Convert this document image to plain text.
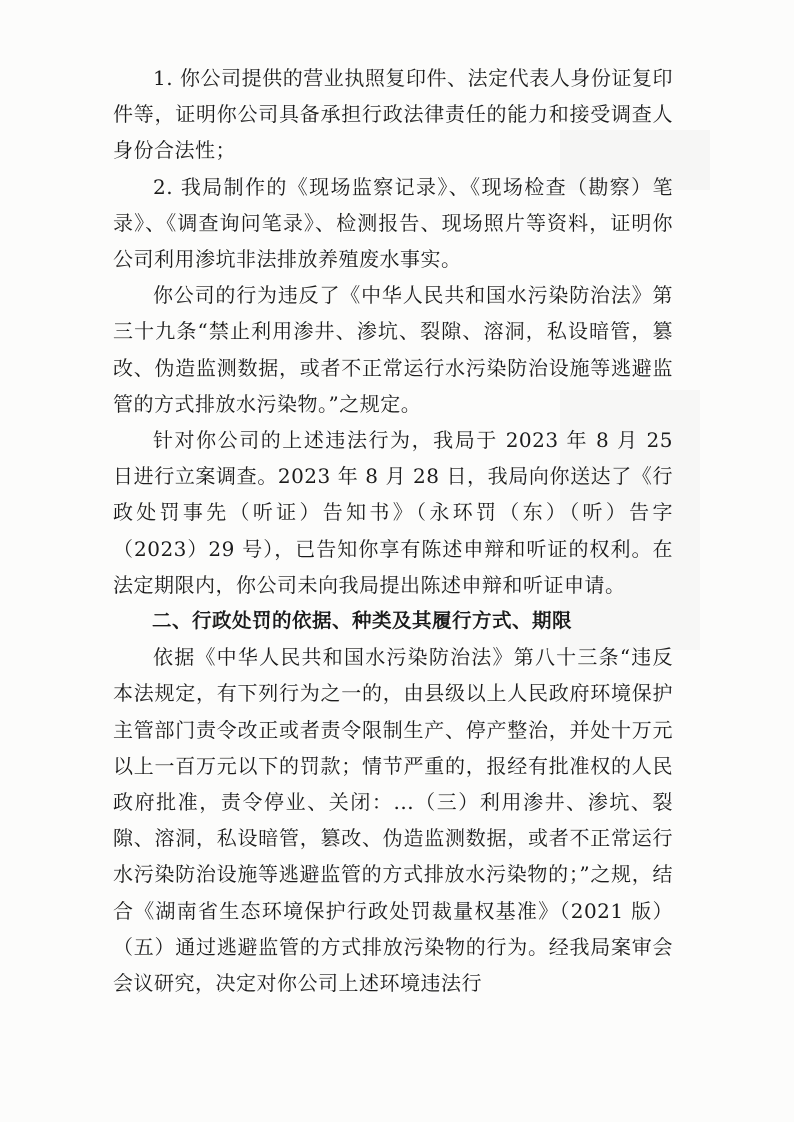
1. 你公司提供的营业执照复印件、法定代表人身份证复印件等，证明你公司具备承担行政法律责任的能力和接受调查人身份合法性；

2. 我局制作的《现场监察记录》、《现场检查（勘察）笔录》、《调查询问笔录》、检测报告、现场照片等资料，证明你公司利用渗坑非法排放养殖废水事实。

你公司的行为违反了《中华人民共和国水污染防治法》第三十九条“禁止利用渗井、渗坑、裂隙、溶洞，私设暗管，篡改、伪造监测数据，或者不正常运行水污染防治设施等逃避监管的方式排放水污染物。”之规定。

针对你公司的上述违法行为，我局于 2023 年 8 月 25 日进行立案调查。2023 年 8 月 28 日，我局向你送达了《行政处罚事先（听证）告知书》（永环罚（东）（听）告字（2023）29 号），已告知你享有陈述申辩和听证的权利。在法定期限内，你公司未向我局提出陈述申辩和听证申请。

二、行政处罚的依据、种类及其履行方式、期限

依据《中华人民共和国水污染防治法》第八十三条“违反本法规定，有下列行为之一的，由县级以上人民政府环境保护主管部门责令改正或者责令限制生产、停产整治，并处十万元以上一百万元以下的罚款；情节严重的，报经有批准权的人民政府批准，责令停业、关闭：...（三）利用渗井、渗坑、裂隙、溶洞，私设暗管，篡改、伪造监测数据，或者不正常运行水污染防治设施等逃避监管的方式排放水污染物的；”之规，结合《湖南省生态环境保护行政处罚裁量权基准》（2021 版）（五）通过逃避监管的方式排放污染物的行为。经我局案审会会议研究，决定对你公司上述环境违法行
